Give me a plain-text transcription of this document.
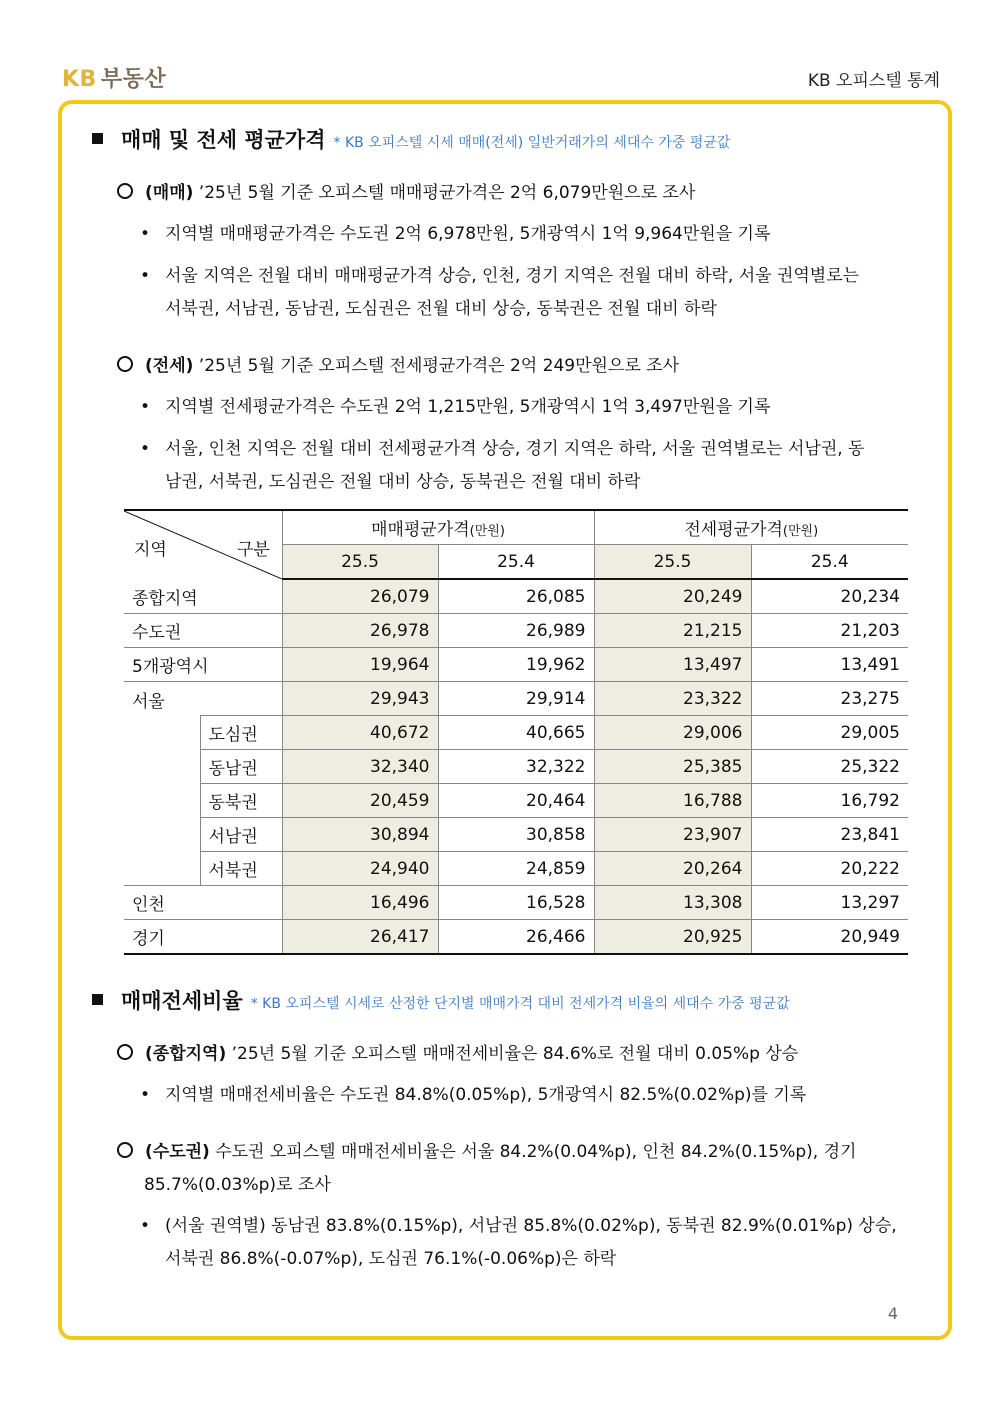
KB 부동산	KB 오피스텔 통계
매매 및 전세 평균가격 * KB 오피스텔 시세 매매(전세) 일반거래가의 세대수 가중 평균값
(매매) ’25년 5월 기준 오피스텔 매매평균가격은 2억 6,079만원으로 조사
• 지역별 매매평균가격은 수도권 2억 6,978만원, 5개광역시 1억 9,964만원을 기록
• 서울 지역은 전월 대비 매매평균가격 상승, 인천, 경기 지역은 전월 대비 하락, 서울 권역별로는
서북권, 서남권, 동남권, 도심권은 전월 대비 상승, 동북권은 전월 대비 하락
(전세) ’25년 5월 기준 오피스텔 전세평균가격은 2억 249만원으로 조사
• 지역별 전세평균가격은 수도권 2억 1,215만원, 5개광역시 1억 3,497만원을 기록
• 서울, 인천 지역은 전월 대비 전세평균가격 상승, 경기 지역은 하락, 서울 권역별로는 서남권, 동
남권, 서북권, 도심권은 전월 대비 상승, 동북권은 전월 대비 하락
지역 구분		매매평균가격(만원)		전세평균가격(만원)	
		25.5	25.4	25.5	25.4
종합지역		26,079	26,085	20,249	20,234
수도권		26,978	26,989	21,215	21,203
5개광역시		19,964	19,962	13,497	13,491
서울		29,943	29,914	23,322	23,275
	도심권	40,672	40,665	29,006	29,005
	동남권	32,340	32,322	25,385	25,322
	동북권	20,459	20,464	16,788	16,792
	서남권	30,894	30,858	23,907	23,841
	서북권	24,940	24,859	20,264	20,222
인천		16,496	16,528	13,308	13,297
경기		26,417	26,466	20,925	20,949
매매전세비율 * KB 오피스텔 시세로 산정한 단지별 매매가격 대비 전세가격 비율의 세대수 가중 평균값
(종합지역) ’25년 5월 기준 오피스텔 매매전세비율은 84.6%로 전월 대비 0.05%p 상승
• 지역별 매매전세비율은 수도권 84.8%(0.05%p), 5개광역시 82.5%(0.02%p)를 기록
(수도권) 수도권 오피스텔 매매전세비율은 서울 84.2%(0.04%p), 인천 84.2%(0.15%p), 경기
85.7%(0.03%p)로 조사
• (서울 권역별) 동남권 83.8%(0.15%p), 서남권 85.8%(0.02%p), 동북권 82.9%(0.01%p) 상승,
서북권 86.8%(-0.07%p), 도심권 76.1%(-0.06%p)은 하락
4
